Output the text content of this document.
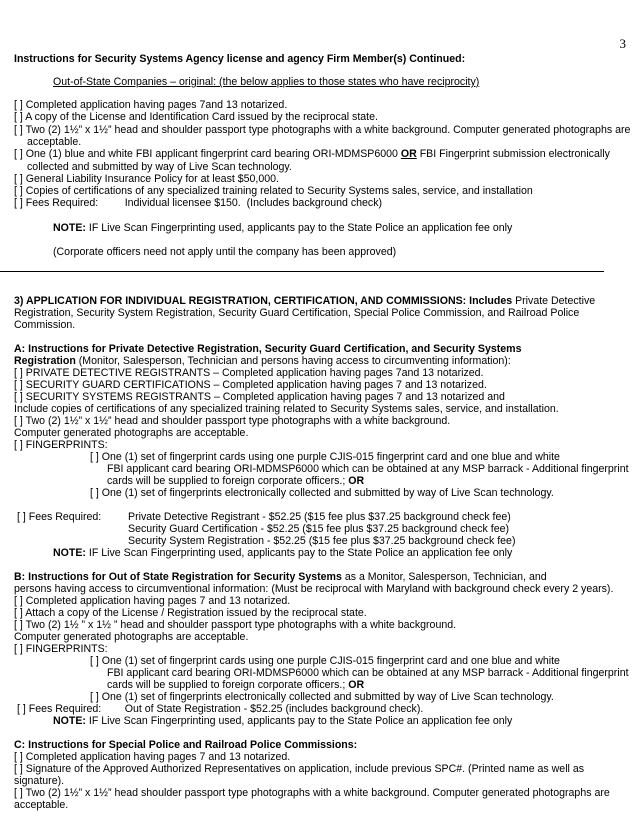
3
Instructions for Security Systems Agency license and agency Firm Member(s) Continued:
Out-of-State Companies – original: (the below applies to those states who have reciprocity)
[ ] Completed application having pages 7and 13 notarized.
[ ] A copy of the License and Identification Card issued by the reciprocal state.
[ ] Two (2) 1½” x 1½” head and shoulder passport type photographs with a white background. Computer generated photographs are
acceptable.
[ ] One (1) blue and white FBI applicant fingerprint card bearing ORI-MDMSP6000 OR FBI Fingerprint submission electronically
collected and submitted by way of Live Scan technology.
[ ] General Liability Insurance Policy for at least $50,000.
[ ] Copies of certifications of any specialized training related to Security Systems sales, service, and installation
[ ] Fees Required:         Individual licensee $150.  (Includes background check)
NOTE: IF Live Scan Fingerprinting used, applicants pay to the State Police an application fee only
(Corporate officers need not apply until the company has been approved)
3) APPLICATION FOR INDIVIDUAL REGISTRATION, CERTIFICATION, AND COMMISSIONS: Includes Private Detective
Registration, Security System Registration, Security Guard Certification, Special Police Commission, and Railroad Police
Commission.
A: Instructions for Private Detective Registration, Security Guard Certification, and Security Systems
Registration (Monitor, Salesperson, Technician and persons having access to circumventing information):
[ ] PRIVATE DETECTIVE REGISTRANTS – Completed application having pages 7and 13 notarized.
[ ] SECURITY GUARD CERTIFICATIONS – Completed application having pages 7 and 13 notarized.
[ ] SECURITY SYSTEMS REGISTRANTS – Completed application having pages 7 and 13 notarized and
Include copies of certifications of any specialized training related to Security Systems sales, service, and installation.
[ ] Two (2) 1½” x 1½” head and shoulder passport type photographs with a white background.
Computer generated photographs are acceptable.
[ ] FINGERPRINTS:
[ ] One (1) set of fingerprint cards using one purple CJIS-015 fingerprint card and one blue and white
FBI applicant card bearing ORI-MDMSP6000 which can be obtained at any MSP barrack - Additional fingerprint
cards will be supplied to foreign corporate officers.; OR
[ ] One (1) set of fingerprints electronically collected and submitted by way of Live Scan technology.
[ ] Fees Required:	Private Detective Registrant - $52.25 ($15 fee plus $37.25 background check fee)
Security Guard Certification - $52.25 ($15 fee plus $37.25 background check fee)
Security System Registration - $52.25 ($15 fee plus $37.25 background check fee)
NOTE: IF Live Scan Fingerprinting used, applicants pay to the State Police an application fee only
B: Instructions for Out of State Registration for Security Systems as a Monitor, Salesperson, Technician, and
persons having access to circumventional information: (Must be reciprocal with Maryland with background check every 2 years).
[ ] Completed application having pages 7 and 13 notarized.
[ ] Attach a copy of the License / Registration issued by the reciprocal state.
[ ] Two (2) 1½ ” x 1½ ” head and shoulder passport type photographs with a white background.
Computer generated photographs are acceptable.
[ ] FINGERPRINTS:
[ ] One (1) set of fingerprint cards using one purple CJIS-015 fingerprint card and one blue and white
FBI applicant card bearing ORI-MDMSP6000 which can be obtained at any MSP barrack - Additional fingerprint
cards will be supplied to foreign corporate officers.; OR
[ ] One (1) set of fingerprints electronically collected and submitted by way of Live Scan technology.
[ ] Fees Required:        Out of State Registration - $52.25 (includes background check).
NOTE: IF Live Scan Fingerprinting used, applicants pay to the State Police an application fee only
C: Instructions for Special Police and Railroad Police Commissions:
[ ] Completed application having pages 7 and 13 notarized.
[ ] Signature of the Approved Authorized Representatives on application, include previous SPC#. (Printed name as well as
signature).
[ ] Two (2) 1½” x 1½” head shoulder passport type photographs with a white background. Computer generated photographs are
acceptable.
